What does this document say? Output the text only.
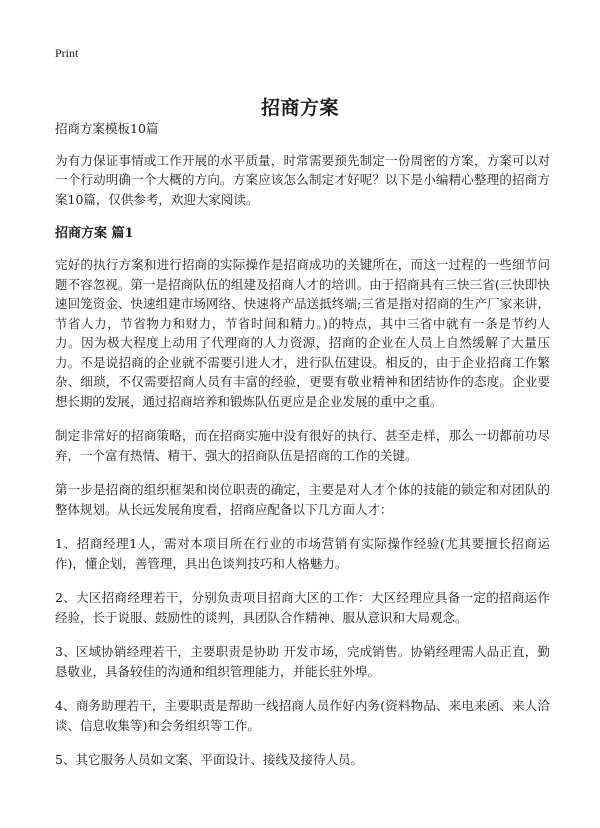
Print
招商方案

招商方案模板10篇

为有力保证事情或工作开展的水平质量，时常需要预先制定一份周密的方案，方案可以对一个行动明确一个大概的方向。方案应该怎么制定才好呢？以下是小编精心整理的招商方案10篇，仅供参考，欢迎大家阅读。

招商方案 篇1

完好的执行方案和进行招商的实际操作是招商成功的关键所在，而这一过程的一些细节问题不容忽视。第一是招商队伍的组建及招商人才的培训。由于招商具有三快三省(三快即快速回笼资金、快速组建市场网络、快速将产品送抵终端;三省是指对招商的生产厂家来讲，节省人力，节省物力和财力，节省时间和精力。)的特点，其中三省中就有一条是节约人力。因为极大程度上动用了代理商的人力资源，招商的企业在人员上自然缓解了大量压力。不是说招商的企业就不需要引进人才，进行队伍建设。相反的，由于企业招商工作繁杂、细琐，不仅需要招商人员有丰富的经验，更要有敬业精神和团结协作的态度。企业要想长期的发展，通过招商培养和锻炼队伍更应是企业发展的重中之重。

制定非常好的招商策略，而在招商实施中没有很好的执行、甚至走样，那么一切都前功尽弃，一个富有热情、精干、强大的招商队伍是招商的工作的关键。

第一步是招商的组织框架和岗位职责的确定，主要是对人才个体的技能的锁定和对团队的整体规划。从长远发展角度看，招商应配备以下几方面人才：

1、招商经理1人，需对本项目所在行业的市场营销有实际操作经验(尤其要擅长招商运作)，懂企划，善管理，具出色谈判技巧和人格魅力。

2、大区招商经理若干，分别负责项目招商大区的工作：大区经理应具备一定的招商运作经验，长于说服、鼓励性的谈判，具团队合作精神、服从意识和大局观念。

3、区域协销经理若干，主要职责是协助 开发市场，完成销售。协销经理需人品正直，勤恳敬业，具备较佳的沟通和组织管理能力，并能长驻外埠。

4、商务助理若干，主要职责是帮助一线招商人员作好内务(资料物品、来电来函、来人洽谈、信息收集等)和会务组织等工作。

5、其它服务人员如文案、平面设计、接线及接待人员。
